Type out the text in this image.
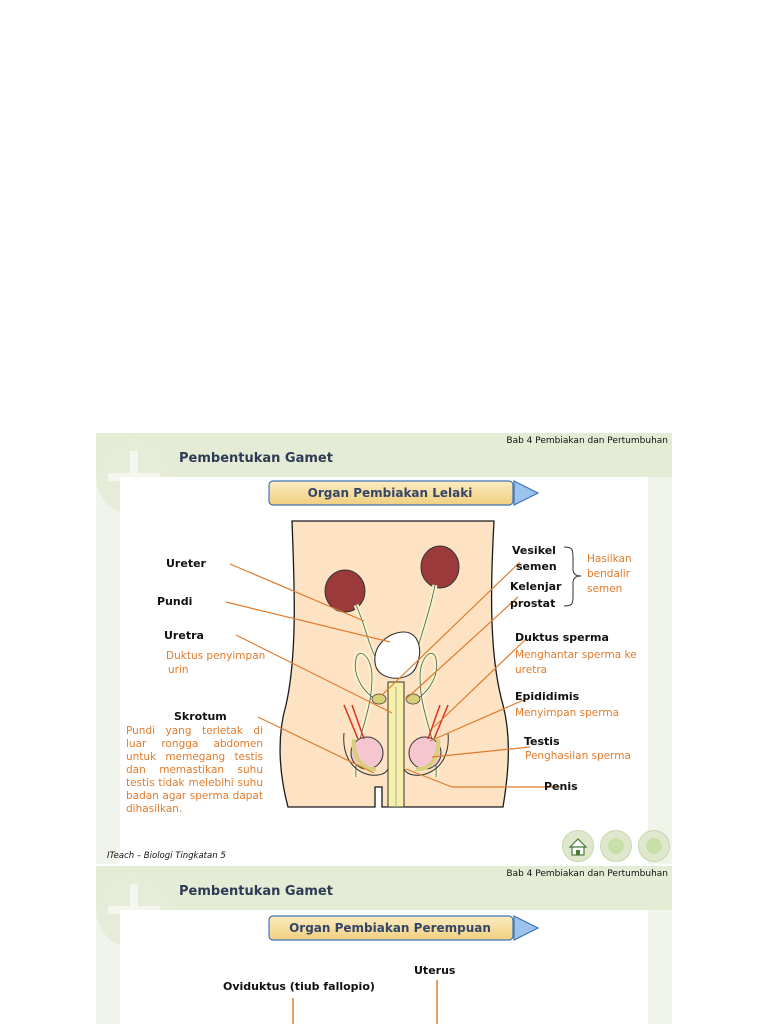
Bab 4 Pembiakan dan Pertumbuhan
Pembentukan Gamet
Organ Pembiakan Lelaki
Ureter
Pundi
Uretra
Duktus penyimpan
urin
Skrotum
Pundi yang terletak di luar rongga abdomen untuk memegang testis dan memastikan suhu testis tidak melebihi suhu badan agar sperma dapat dihasilkan.
Vesikel
semen
Kelenjar
prostat
Hasilkan
bendalir
semen
Duktus sperma
Menghantar sperma ke
uretra
Epididimis
Menyimpan sperma
Testis
Penghasilan sperma
Penis
ITeach – Biologi Tingkatan 5
Bab 4 Pembiakan dan Pertumbuhan
Pembentukan Gamet
Organ Pembiakan Perempuan
Uterus
Oviduktus (tiub fallopio)
